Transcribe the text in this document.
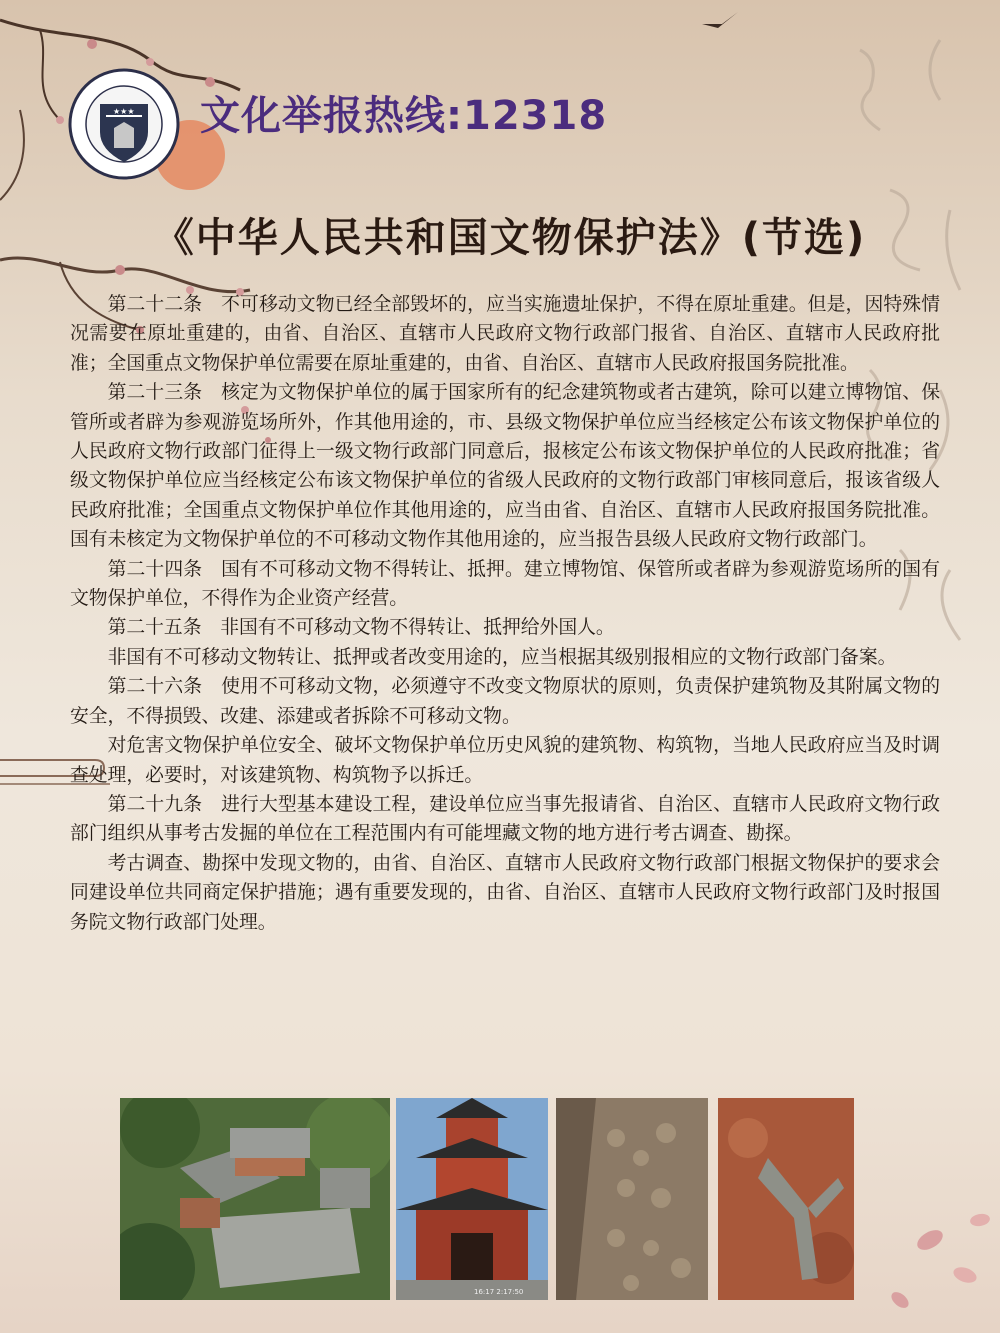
★★★ 文化举报热线:12318
《中华人民共和国文物保护法》(节选)

第二十二条　不可移动文物已经全部毁坏的，应当实施遗址保护，不得在原址重建。但是，因特殊情况需要在原址重建的，由省、自治区、直辖市人民政府文物行政部门报省、自治区、直辖市人民政府批准；全国重点文物保护单位需要在原址重建的，由省、自治区、直辖市人民政府报国务院批准。

第二十三条　核定为文物保护单位的属于国家所有的纪念建筑物或者古建筑，除可以建立博物馆、保管所或者辟为参观游览场所外，作其他用途的，市、县级文物保护单位应当经核定公布该文物保护单位的人民政府文物行政部门征得上一级文物行政部门同意后，报核定公布该文物保护单位的人民政府批准；省级文物保护单位应当经核定公布该文物保护单位的省级人民政府的文物行政部门审核同意后，报该省级人民政府批准；全国重点文物保护单位作其他用途的，应当由省、自治区、直辖市人民政府报国务院批准。国有未核定为文物保护单位的不可移动文物作其他用途的，应当报告县级人民政府文物行政部门。

第二十四条　国有不可移动文物不得转让、抵押。建立博物馆、保管所或者辟为参观游览场所的国有文物保护单位，不得作为企业资产经营。

第二十五条　非国有不可移动文物不得转让、抵押给外国人。

非国有不可移动文物转让、抵押或者改变用途的，应当根据其级别报相应的文物行政部门备案。

第二十六条　使用不可移动文物，必须遵守不改变文物原状的原则，负责保护建筑物及其附属文物的安全，不得损毁、改建、添建或者拆除不可移动文物。

对危害文物保护单位安全、破坏文物保护单位历史风貌的建筑物、构筑物，当地人民政府应当及时调查处理，必要时，对该建筑物、构筑物予以拆迁。

第二十九条　进行大型基本建设工程，建设单位应当事先报请省、自治区、直辖市人民政府文物行政部门组织从事考古发掘的单位在工程范围内有可能埋藏文物的地方进行考古调查、勘探。

考古调查、勘探中发现文物的，由省、自治区、直辖市人民政府文物行政部门根据文物保护的要求会同建设单位共同商定保护措施；遇有重要发现的，由省、自治区、直辖市人民政府文物行政部门及时报国务院文物行政部门处理。

16:17 2:17:50
